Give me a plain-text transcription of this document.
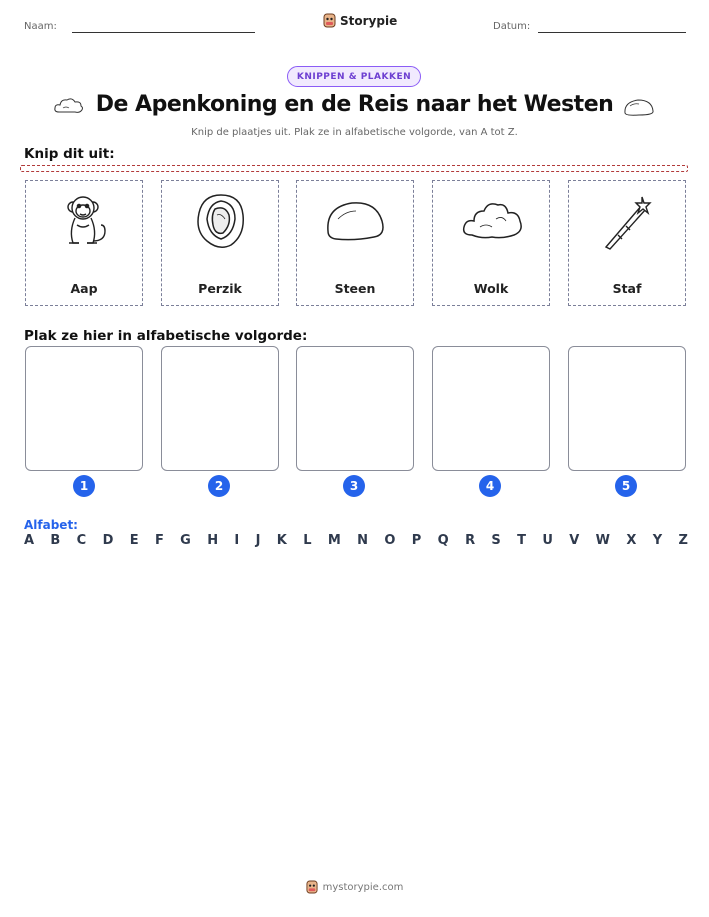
Naam:	Storypie	Datum:
KNIPPEN & PLAKKEN
De Apenkoning en de Reis naar het Westen
Knip de plaatjes uit. Plak ze in alfabetische volgorde, van A tot Z.
Knip dit uit:
Aap	Perzik	Steen	Wolk	Staf
Plak ze hier in alfabetische volgorde:
1	2	3	4	5
Alfabet:
A B C D E F G H I J K L M N O P Q R S T U V W X Y Z
mystorypie.com
